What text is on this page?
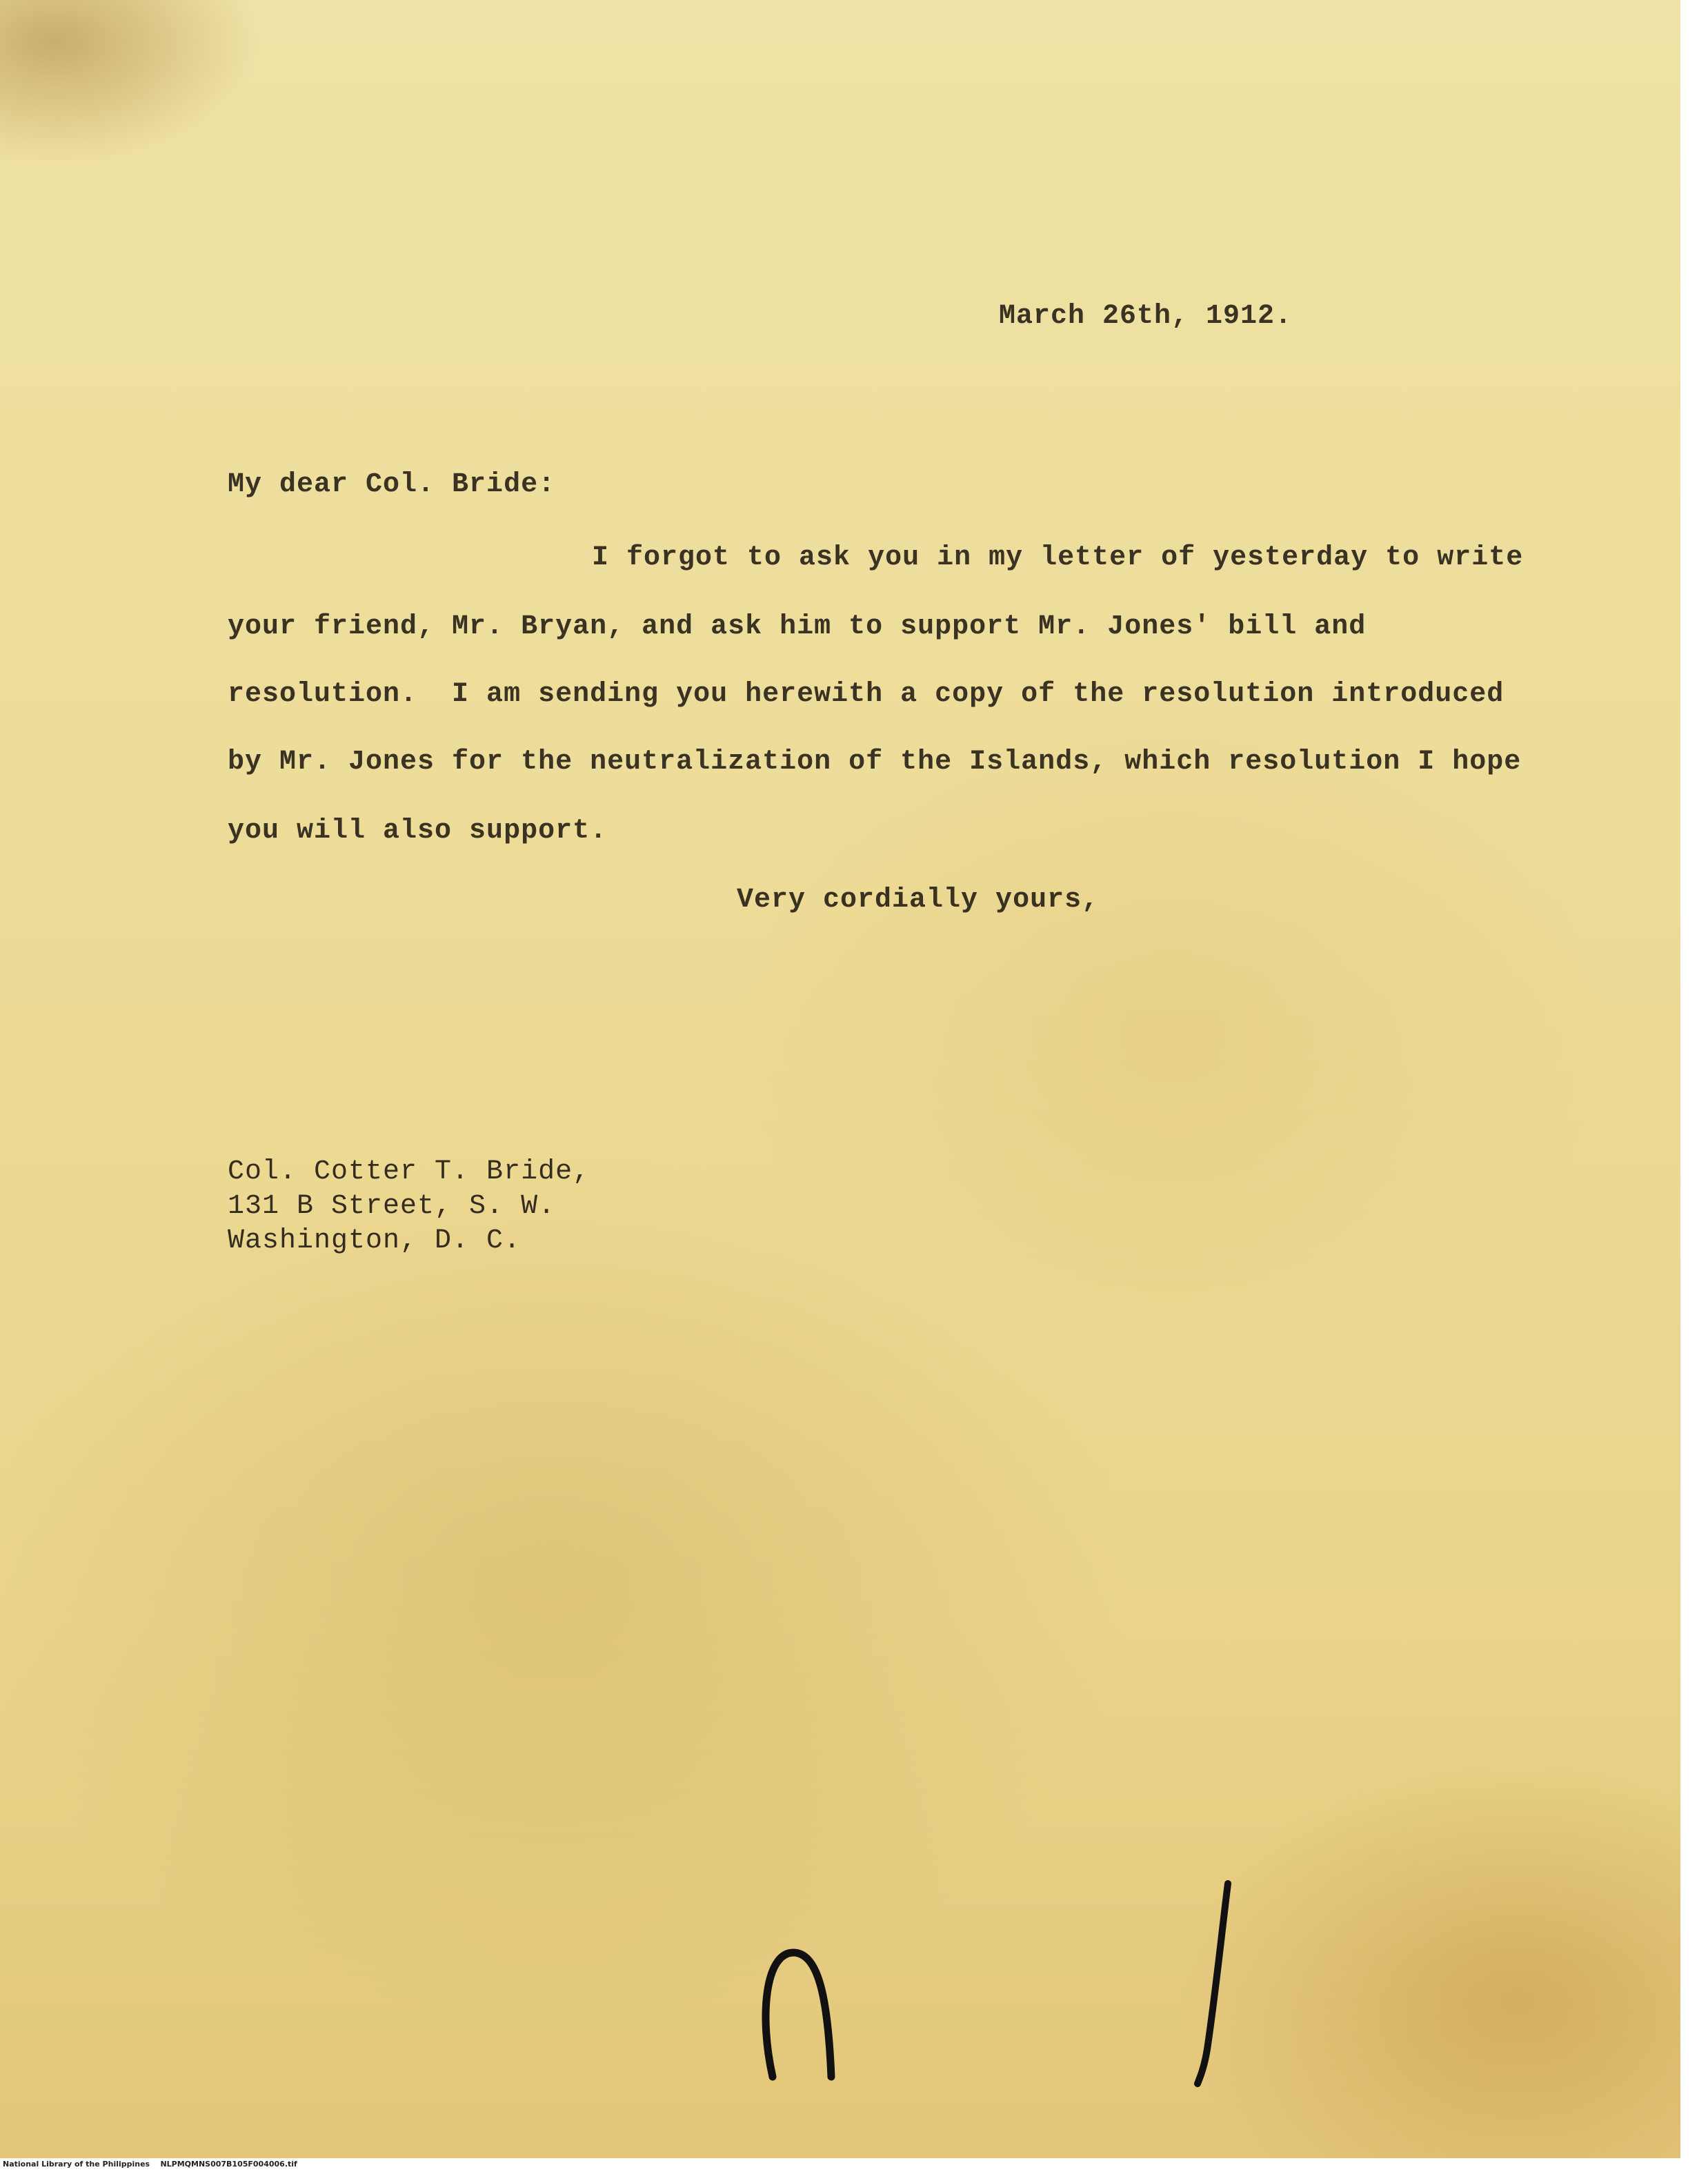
March 26th, 1912.
My dear Col. Bride:
I forgot to ask you in my letter of yesterday to write
your friend, Mr. Bryan, and ask him to support Mr. Jones' bill and
resolution.  I am sending you herewith a copy of the resolution introduced
by Mr. Jones for the neutralization of the Islands, which resolution I hope
you will also support.
Very cordially yours,
Col. Cotter T. Bride,
131 B Street, S. W.
Washington, D. C.
National Library of the Philippines NLPMQMNS007B105F004006.tif
